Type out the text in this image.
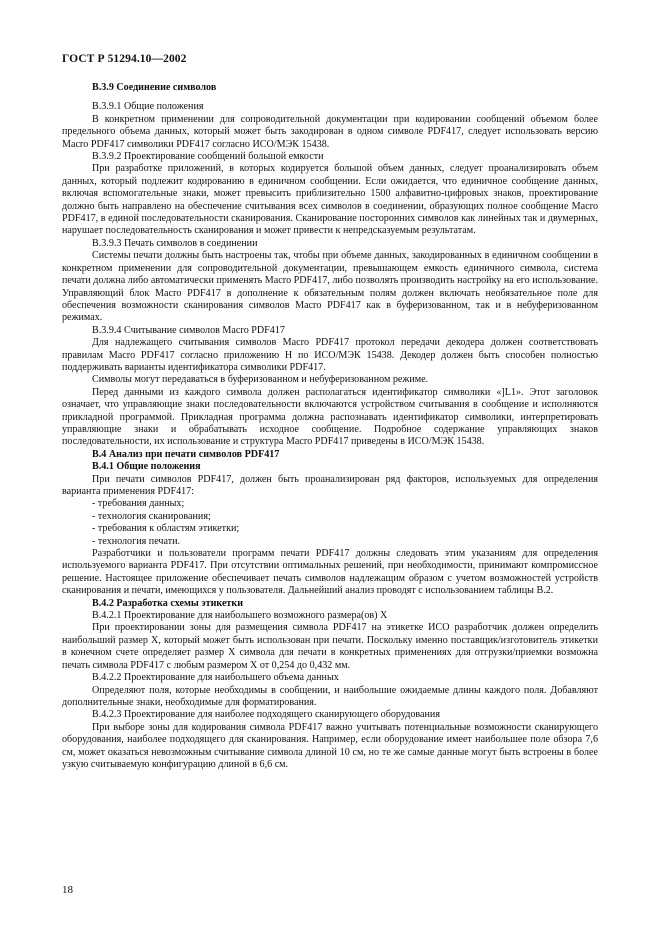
ГОСТ Р 51294.10—2002

В.3.9 Соединение символов

В.3.9.1 Общие положения

В конкретном применении для сопроводительной документации при кодировании сообщений объемом более предельного объема данных, который может быть закодирован в одном символе PDF417, следует использовать версию Macro PDF417 символики PDF417 согласно ИСО/МЭК 15438.

В.3.9.2 Проектирование сообщений большой емкости

При разработке приложений, в которых кодируется большой объем данных, следует проанализировать объем данных, который подлежит кодированию в единичном сообщении. Если ожидается, что единичное сообщение данных, включая вспомогательные знаки, может превысить приблизительно 1500 алфавитно-цифровых знаков, проектирование должно быть направлено на обеспечение считывания всех символов в соединении, образующих полное сообщение Macro PDF417, в единой последовательности сканирования. Сканирование посторонних символов как линейных так и двумерных, нарушает последовательность сканирования и может привести к непредсказуемым результатам.

В.3.9.3 Печать символов в соединении

Системы печати должны быть настроены так, чтобы при объеме данных, закодированных в единичном сообщении в конкретном применении для сопроводительной документации, превышающем емкость единичного символа, система печати должна либо автоматически применять Macro PDF417, либо позволять производить настройку на его использование. Управляющий блок Macro PDF417 в дополнение к обязательным полям должен включать необязательное поле для обеспечения возможности сканирования символов Macro PDF417 как в буферизованном, так и в небуферизованном режимах.

В.3.9.4 Считывание символов Macro PDF417

Для надлежащего считывания символов Macro PDF417 протокол передачи декодера должен соответствовать правилам Macro PDF417 согласно приложению Н по ИСО/МЭК 15438. Декодер должен быть способен полностью поддерживать варианты идентификатора символики PDF417.

Символы могут передаваться в буферизованном и небуферизованном режиме.

Перед данными из каждого символа должен располагаться идентификатор символики «]L1». Этот заголовок означает, что управляющие знаки последовательности включаются устройством считывания в сообщение и исполняются прикладной программой. Прикладная программа должна распознавать идентификатор символики, интерпретировать управляющие знаки и обрабатывать исходное сообщение. Подробное содержание управляющих знаков последовательности, их использование и структура Macro PDF417 приведены в ИСО/МЭК 15438.

В.4 Анализ при печати символов PDF417

В.4.1 Общие положения

При печати символов PDF417, должен быть проанализирован ряд факторов, используемых для определения варианта применения PDF417:

- требования данных;

- технология сканирования;

- требования к областям этикетки;

- технология печати.

Разработчики и пользователи программ печати PDF417 должны следовать этим указаниям для определения используемого варианта PDF417. При отсутствии оптимальных решений, при необходимости, принимают компромиссное решение. Настоящее приложение обеспечивает печать символов надлежащим образом с учетом возможностей устройств сканирования и печати, имеющихся у пользователя. Дальнейший анализ проводят с использованием таблицы В.2.

В.4.2 Разработка схемы этикетки

В.4.2.1 Проектирование для наибольшего возможного размера(ов) X

При проектировании зоны для размещения символа PDF417 на этикетке ИСО разработчик должен определить наибольший размер X, который может быть использован при печати. Поскольку именно поставщик/изготовитель этикетки в конечном счете определяет размер X символа для печати в конкретных применениях для отгрузки/приемки возможна печать символа PDF417 с любым размером X от 0,254 до 0,432 мм.

В.4.2.2 Проектирование для наибольшего объема данных

Определяют поля, которые необходимы в сообщении, и наибольшие ожидаемые длины каждого поля. Добавляют дополнительные знаки, необходимые для форматирования.

В.4.2.3 Проектирование для наиболее подходящего сканирующего оборудования

При выборе зоны для кодирования символа PDF417 важно учитывать потенциальные возможности сканирующего оборудования, наиболее подходящего для сканирования. Например, если оборудование имеет наибольшее поле обзора 7,6 см, может оказаться невозможным считывание символа длиной 10 см, но те же самые данные могут быть встроены в более узкую считываемую конфигурацию длиной в 6,6 см.

18
